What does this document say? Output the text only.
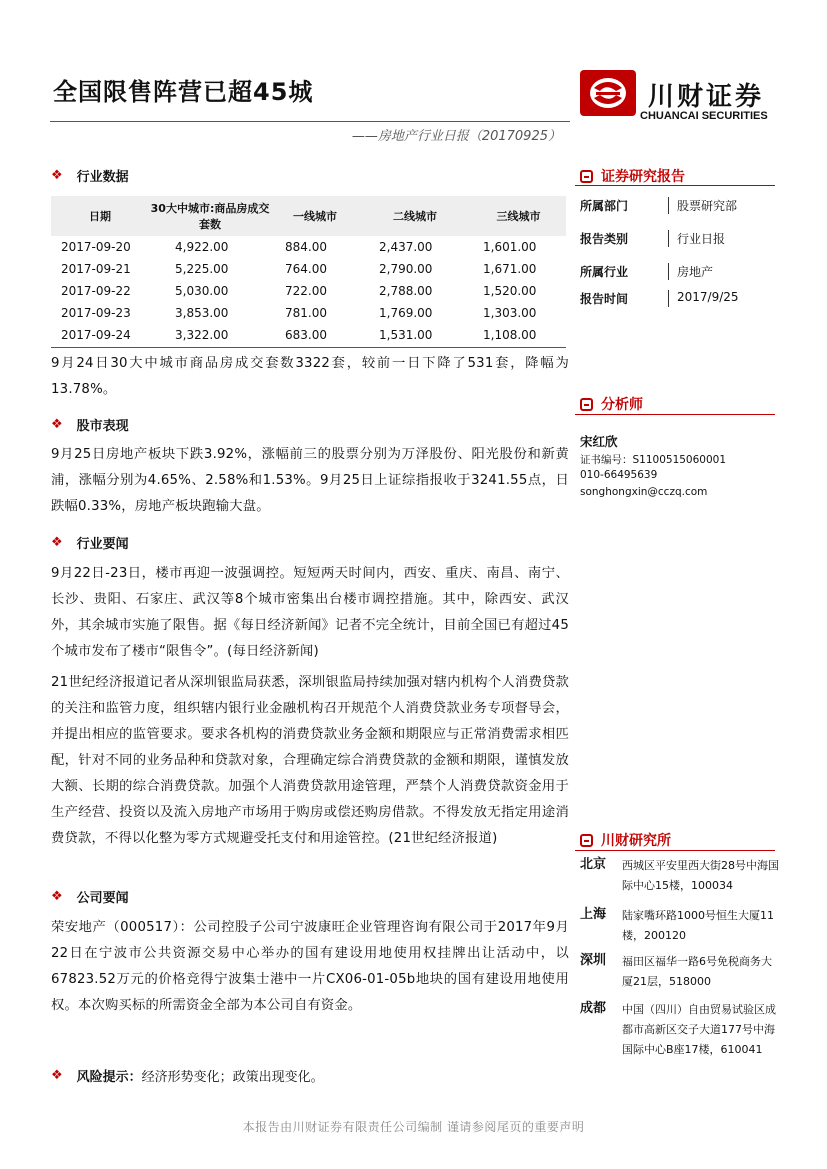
全国限售阵营已超45城	川财证券
CHUANCAI SECURITIES
——房地产行业日报（20170925）
❖ 行业数据
日期	30大中城市:商品房成交套数	一线城市	二线城市	三线城市
2017-09-20	4,922.00	884.00	2,437.00	1,601.00
2017-09-21	5,225.00	764.00	2,790.00	1,671.00
2017-09-22	5,030.00	722.00	2,788.00	1,520.00
2017-09-23	3,853.00	781.00	1,769.00	1,303.00
2017-09-24	3,322.00	683.00	1,531.00	1,108.00
9月24日30大中城市商品房成交套数3322套，较前一日下降了531套，降幅为13.78%。
❖ 股市表现
9月25日房地产板块下跌3.92%，涨幅前三的股票分别为万泽股份、阳光股份和新黄浦，涨幅分别为4.65%、2.58%和1.53%。9月25日上证综指报收于3241.55点，日跌幅0.33%，房地产板块跑输大盘。
❖ 行业要闻
9月22日-23日，楼市再迎一波强调控。短短两天时间内，西安、重庆、南昌、南宁、长沙、贵阳、石家庄、武汉等8个城市密集出台楼市调控措施。其中，除西安、武汉外，其余城市实施了限售。据《每日经济新闻》记者不完全统计，目前全国已有超过45个城市发布了楼市“限售令”。(每日经济新闻)
21世纪经济报道记者从深圳银监局获悉，深圳银监局持续加强对辖内机构个人消费贷款的关注和监管力度，组织辖内银行业金融机构召开规范个人消费贷款业务专项督导会，并提出相应的监管要求。要求各机构的消费贷款业务金额和期限应与正常消费需求相匹配，针对不同的业务品种和贷款对象，合理确定综合消费贷款的金额和期限，谨慎发放大额、长期的综合消费贷款。加强个人消费贷款用途管理，严禁个人消费贷款资金用于生产经营、投资以及流入房地产市场用于购房或偿还购房借款。不得发放无指定用途消费贷款，不得以化整为零方式规避受托支付和用途管控。(21世纪经济报道)
❖ 公司要闻
荣安地产（000517）：公司控股子公司宁波康旺企业管理咨询有限公司于2017年9月22日在宁波市公共资源交易中心举办的国有建设用地使用权挂牌出让活动中，以67823.52万元的价格竞得宁波集士港中一片CX06-01-05b地块的国有建设用地使用权。本次购买标的所需资金全部为本公司自有资金。
❖ 风险提示： 经济形势变化；政策出现变化。
证券研究报告
所属部门	股票研究部
报告类别	行业日报
所属行业	房地产
报告时间	2017/9/25
分析师
宋红欣
证书编号：S1100515060001
010-66495639
songhongxin@cczq.com
川财研究所
北京 西城区平安里西大街28号中海国际中心15楼，100034
上海 陆家嘴环路1000号恒生大厦11楼，200120
深圳 福田区福华一路6号免税商务大厦21层，518000
成都 中国（四川）自由贸易试验区成都市高新区交子大道177号中海国际中心B座17楼，610041
本报告由川财证券有限责任公司编制 谨请参阅尾页的重要声明
